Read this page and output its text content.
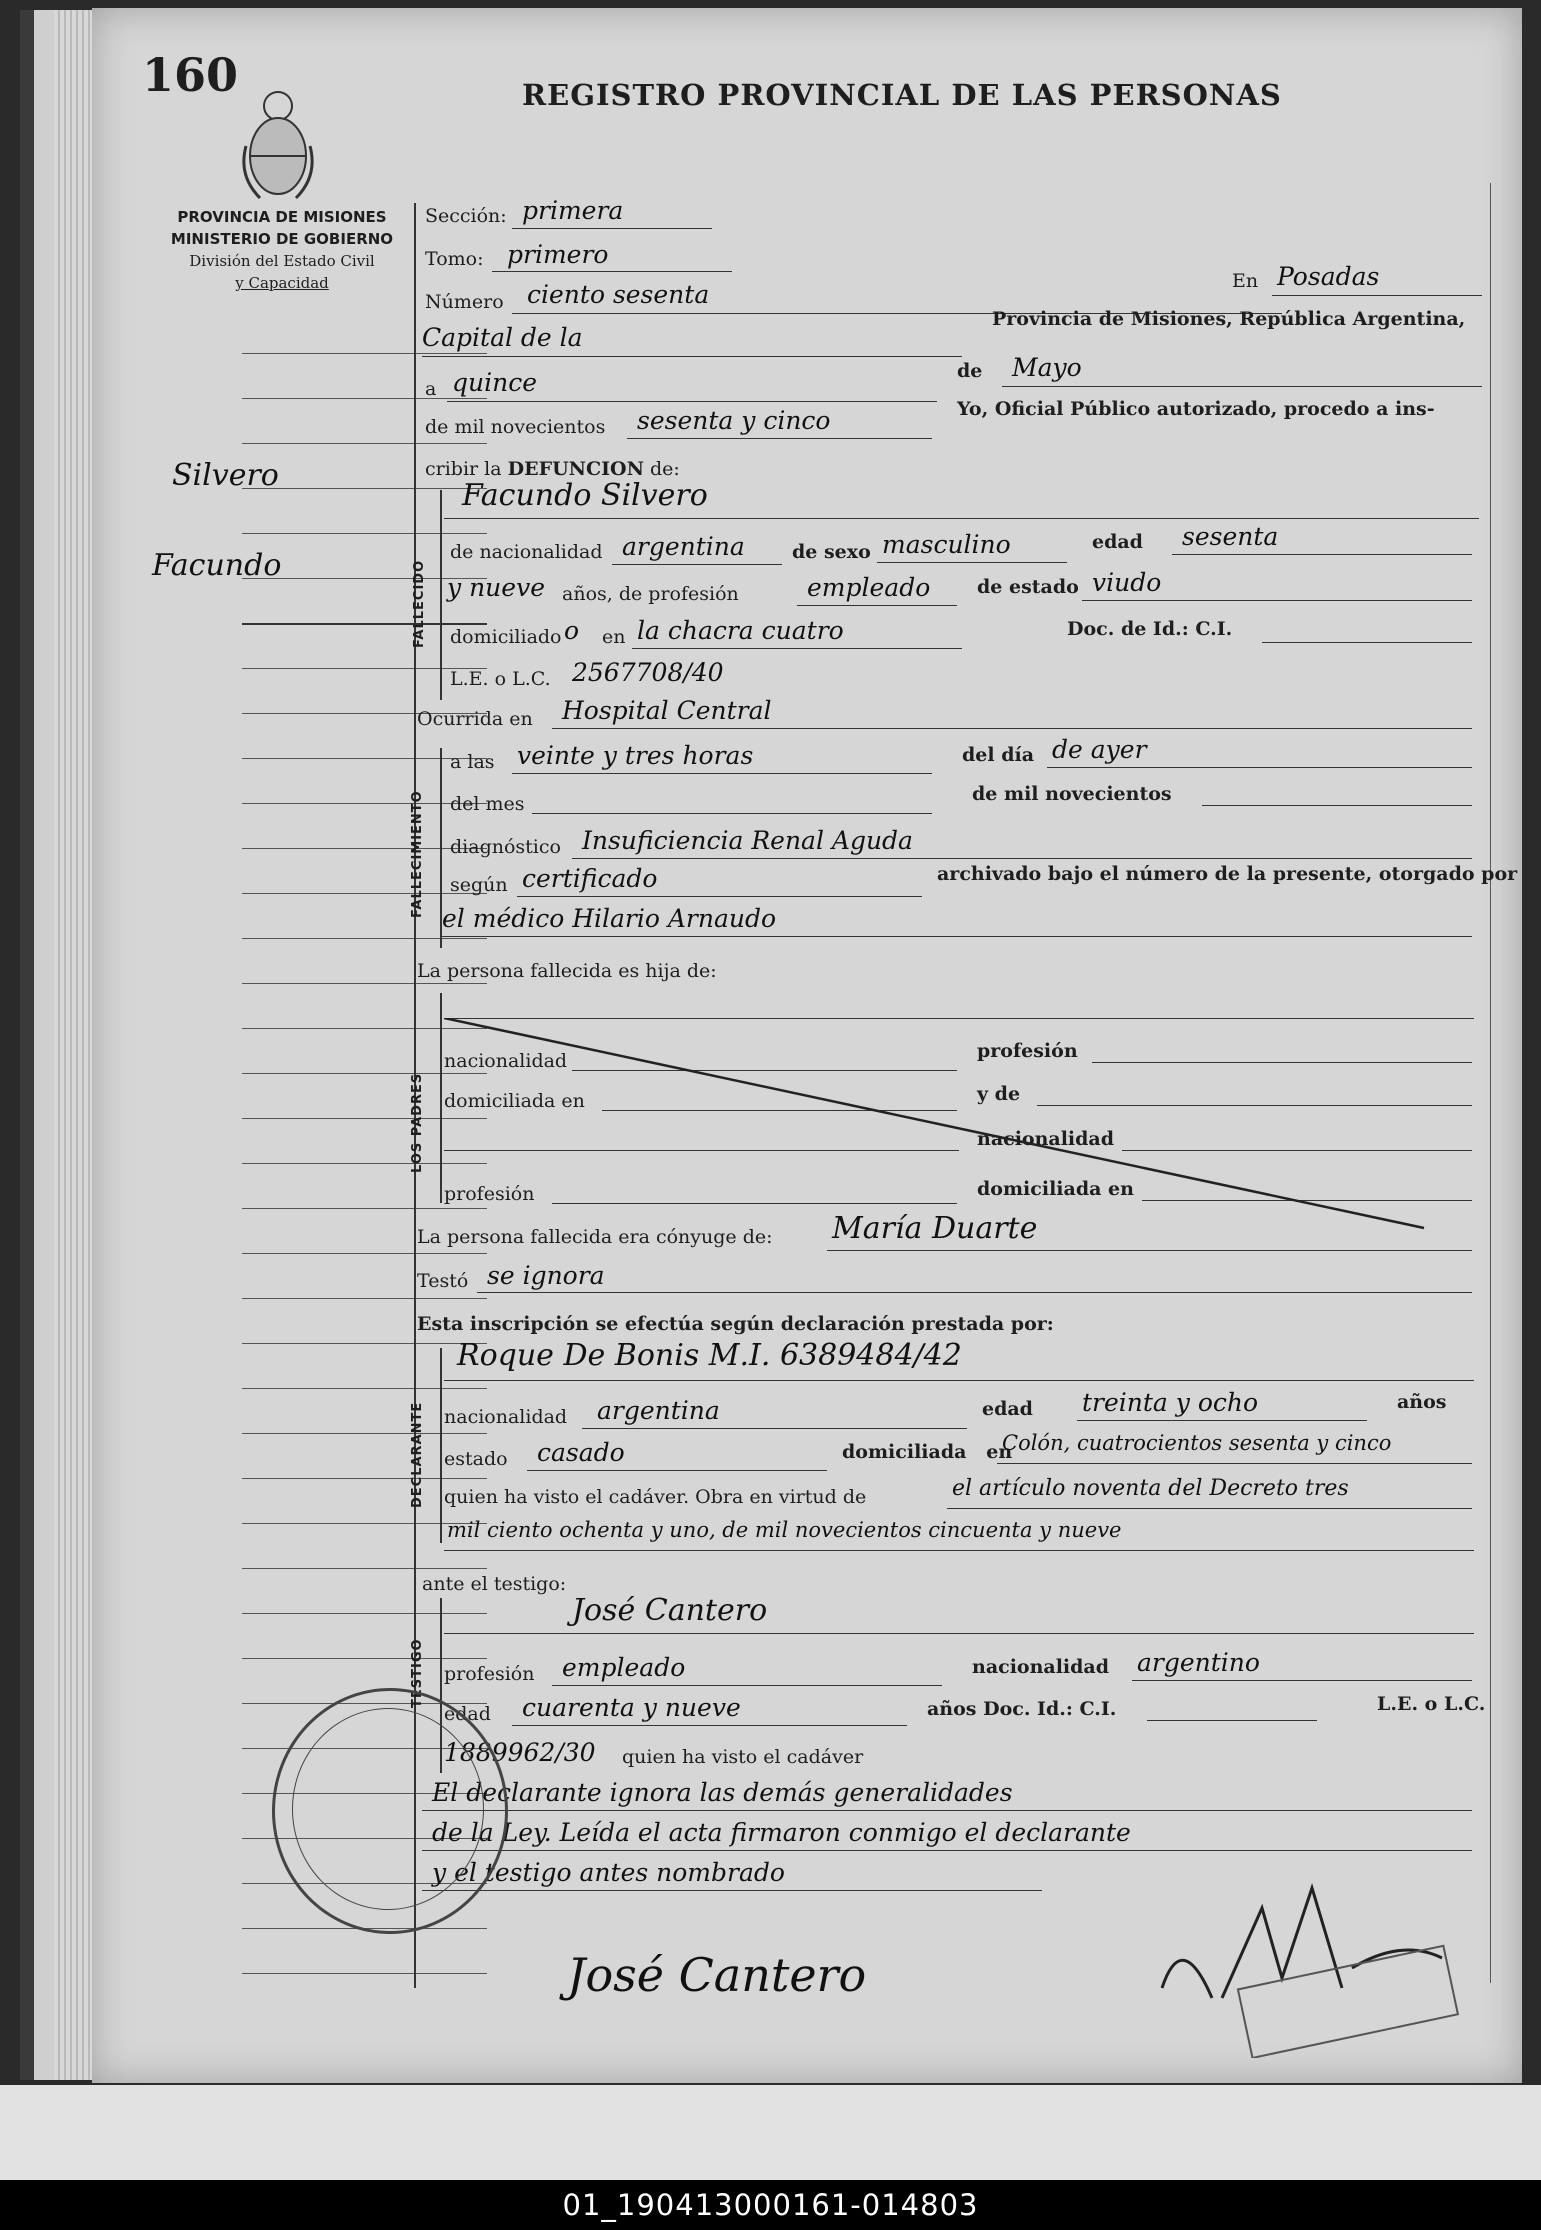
160	REGISTRO PROVINCIAL DE LAS PERSONAS
PROVINCIA DE MISIONES
MINISTERIO DE GOBIERNO
División del Estado Civil
y Capacidad
Silvero
Facundo
Sección: primera
Tomo: primero
Número ciento sesenta	En Posadas
Capital de la
Provincia de Misiones, República Argentina,
a quince	de Mayo
de mil novecientos sesenta y cinco	Yo, Oficial Público autorizado, procedo a ins-
cribir la DEFUNCION de:
FALLECIDO
Facundo Silvero
de nacionalidad argentina de sexo masculino	edad sesenta
y nueve años, de profesión	empleado de estado viudo
domiciliado o en la chacra cuatro	Doc. de Id.: C.I.
L.E. o L.C. 2567708/40
Ocurrida en Hospital Central
FALLECIMIENTO
a las veinte y tres horas	del día de ayer
del mes	de mil novecientos
diagnóstico Insuficiencia Renal Aguda
según certificado	archivado bajo el número de la presente, otorgado por
el médico Hilario Arnaudo
La persona fallecida es hija de:
LOS PADRES
nacionalidad	profesión
domiciliada en	y de
nacionalidad
profesión	domiciliada en
La persona fallecida era cónyuge de: María Duarte
Testó se ignora
Esta inscripción se efectúa según declaración prestada por:
DECLARANTE
Roque De Bonis M.I. 6389484/42
nacionalidad argentina	edad treinta y ocho	años
estado casado	domiciliada en
Colón, cuatrocientos sesenta y cinco
quien ha visto el cadáver. Obra en virtud de	el artículo noventa del Decreto tres
mil ciento ochenta y uno, de mil novecientos cincuenta y nueve
ante el testigo:
TESTIGO
José Cantero
profesión empleado	nacionalidad argentino
edad cuarenta y nueve	años Doc. Id.: C.I.	L.E. o L.C.
1889962/30 quien ha visto el cadáver
El declarante ignora las demás generalidades
de la Ley. Leída el acta firmaron conmigo el declarante
y el testigo antes nombrado
José Cantero
01_190413000161-014803
